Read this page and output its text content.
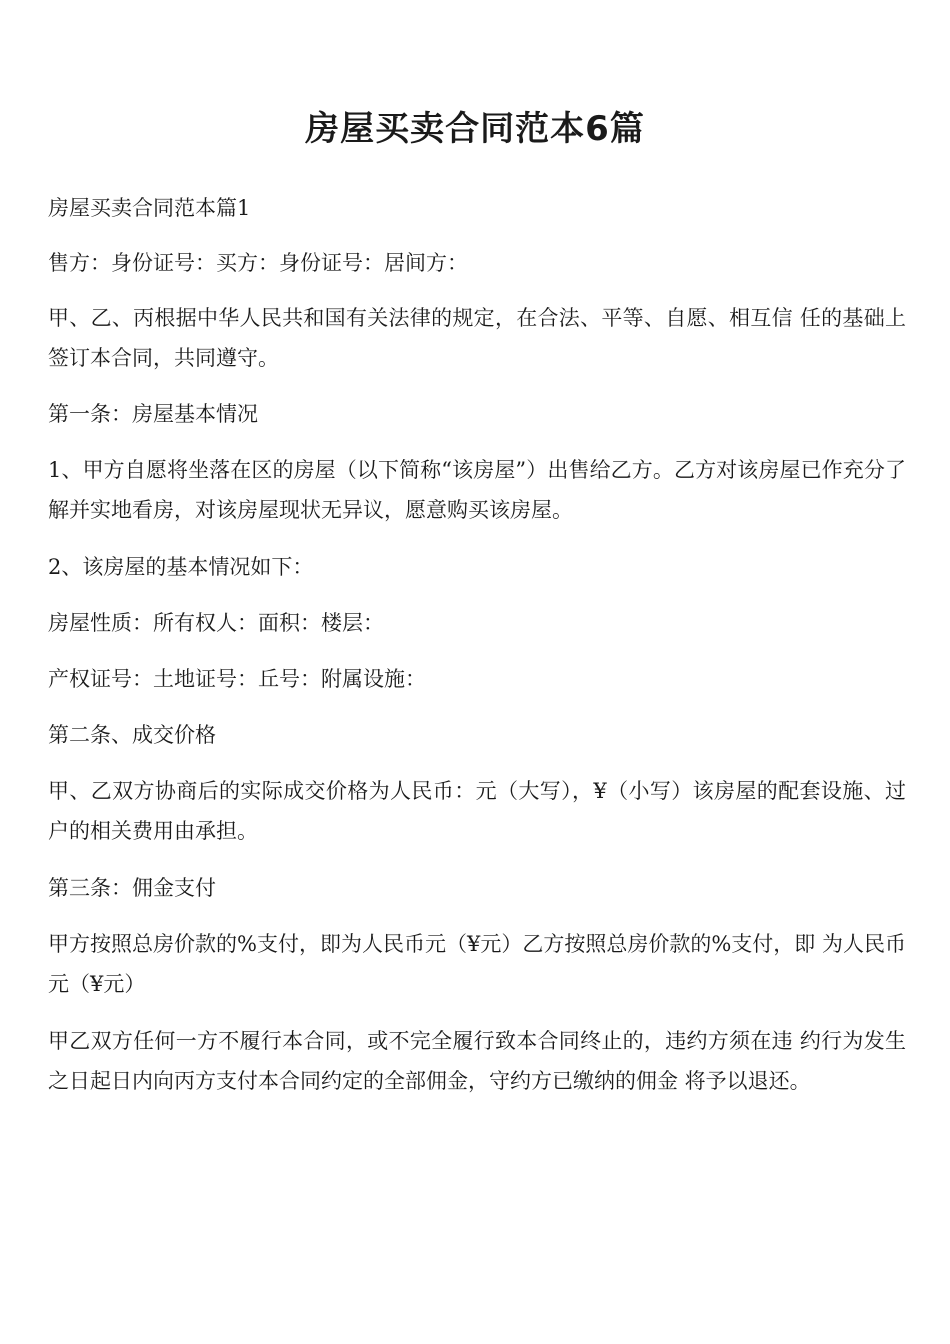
房屋买卖合同范本6篇

房屋买卖合同范本篇1

售方：身份证号：买方：身份证号：居间方：

甲、乙、丙根据中华人民共和国有关法律的规定，在合法、平等、自愿、相互信 任的基础上签订本合同，共同遵守。

第一条：房屋基本情况

1、甲方自愿将坐落在区的房屋（以下简称“该房屋”）出售给乙方。乙方对该房屋已作充分了解并实地看房，对该房屋现状无异议，愿意购买该房屋。

2、该房屋的基本情况如下：

房屋性质：所有权人：面积：楼层：

产权证号：土地证号：丘号：附属设施：

第二条、成交价格

甲、乙双方协商后的实际成交价格为人民币：元（大写），¥（小写）该房屋的配套设施、过户的相关费用由承担。

第三条：佣金支付

甲方按照总房价款的%支付，即为人民币元（¥元）乙方按照总房价款的%支付，即 为人民币元（¥元）

甲乙双方任何一方不履行本合同，或不完全履行致本合同终止的，违约方须在违 约行为发生之日起日内向丙方支付本合同约定的全部佣金，守约方已缴纳的佣金 将予以退还。
